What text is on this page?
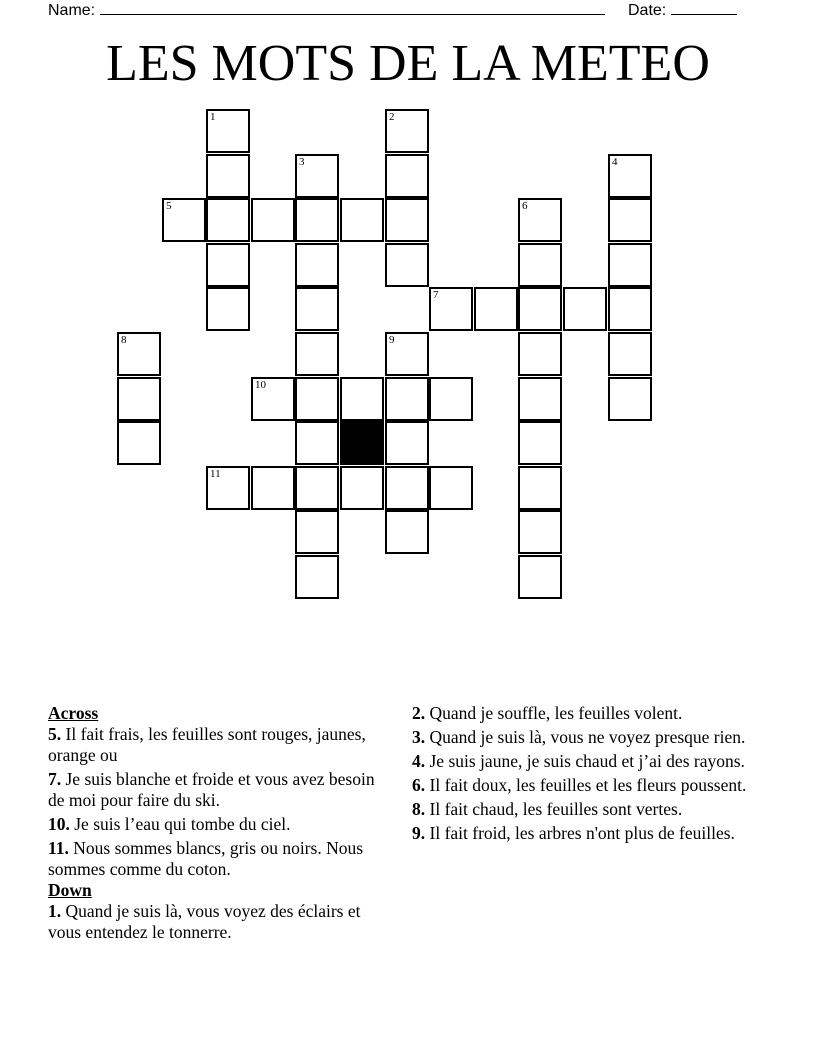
Name:	Date:
LES MOTS DE LA METEO
1	2
3	4
5	6
7
8	9
10
11

Across

5. Il fait frais, les feuilles sont rouges, jaunes, orange ou

7. Je suis blanche et froide et vous avez besoin de moi pour faire du ski.

10. Je suis l’eau qui tombe du ciel.

11. Nous sommes blancs, gris ou noirs. Nous sommes comme du coton.

Down

1. Quand je suis là, vous voyez des éclairs et vous entendez le tonnerre.

2. Quand je souffle, les feuilles volent.

3. Quand je suis là, vous ne voyez presque rien.

4. Je suis jaune, je suis chaud et j’ai des rayons.

6. Il fait doux, les feuilles et les fleurs poussent.

8. Il fait chaud, les feuilles sont vertes.

9. Il fait froid, les arbres n'ont plus de feuilles.
